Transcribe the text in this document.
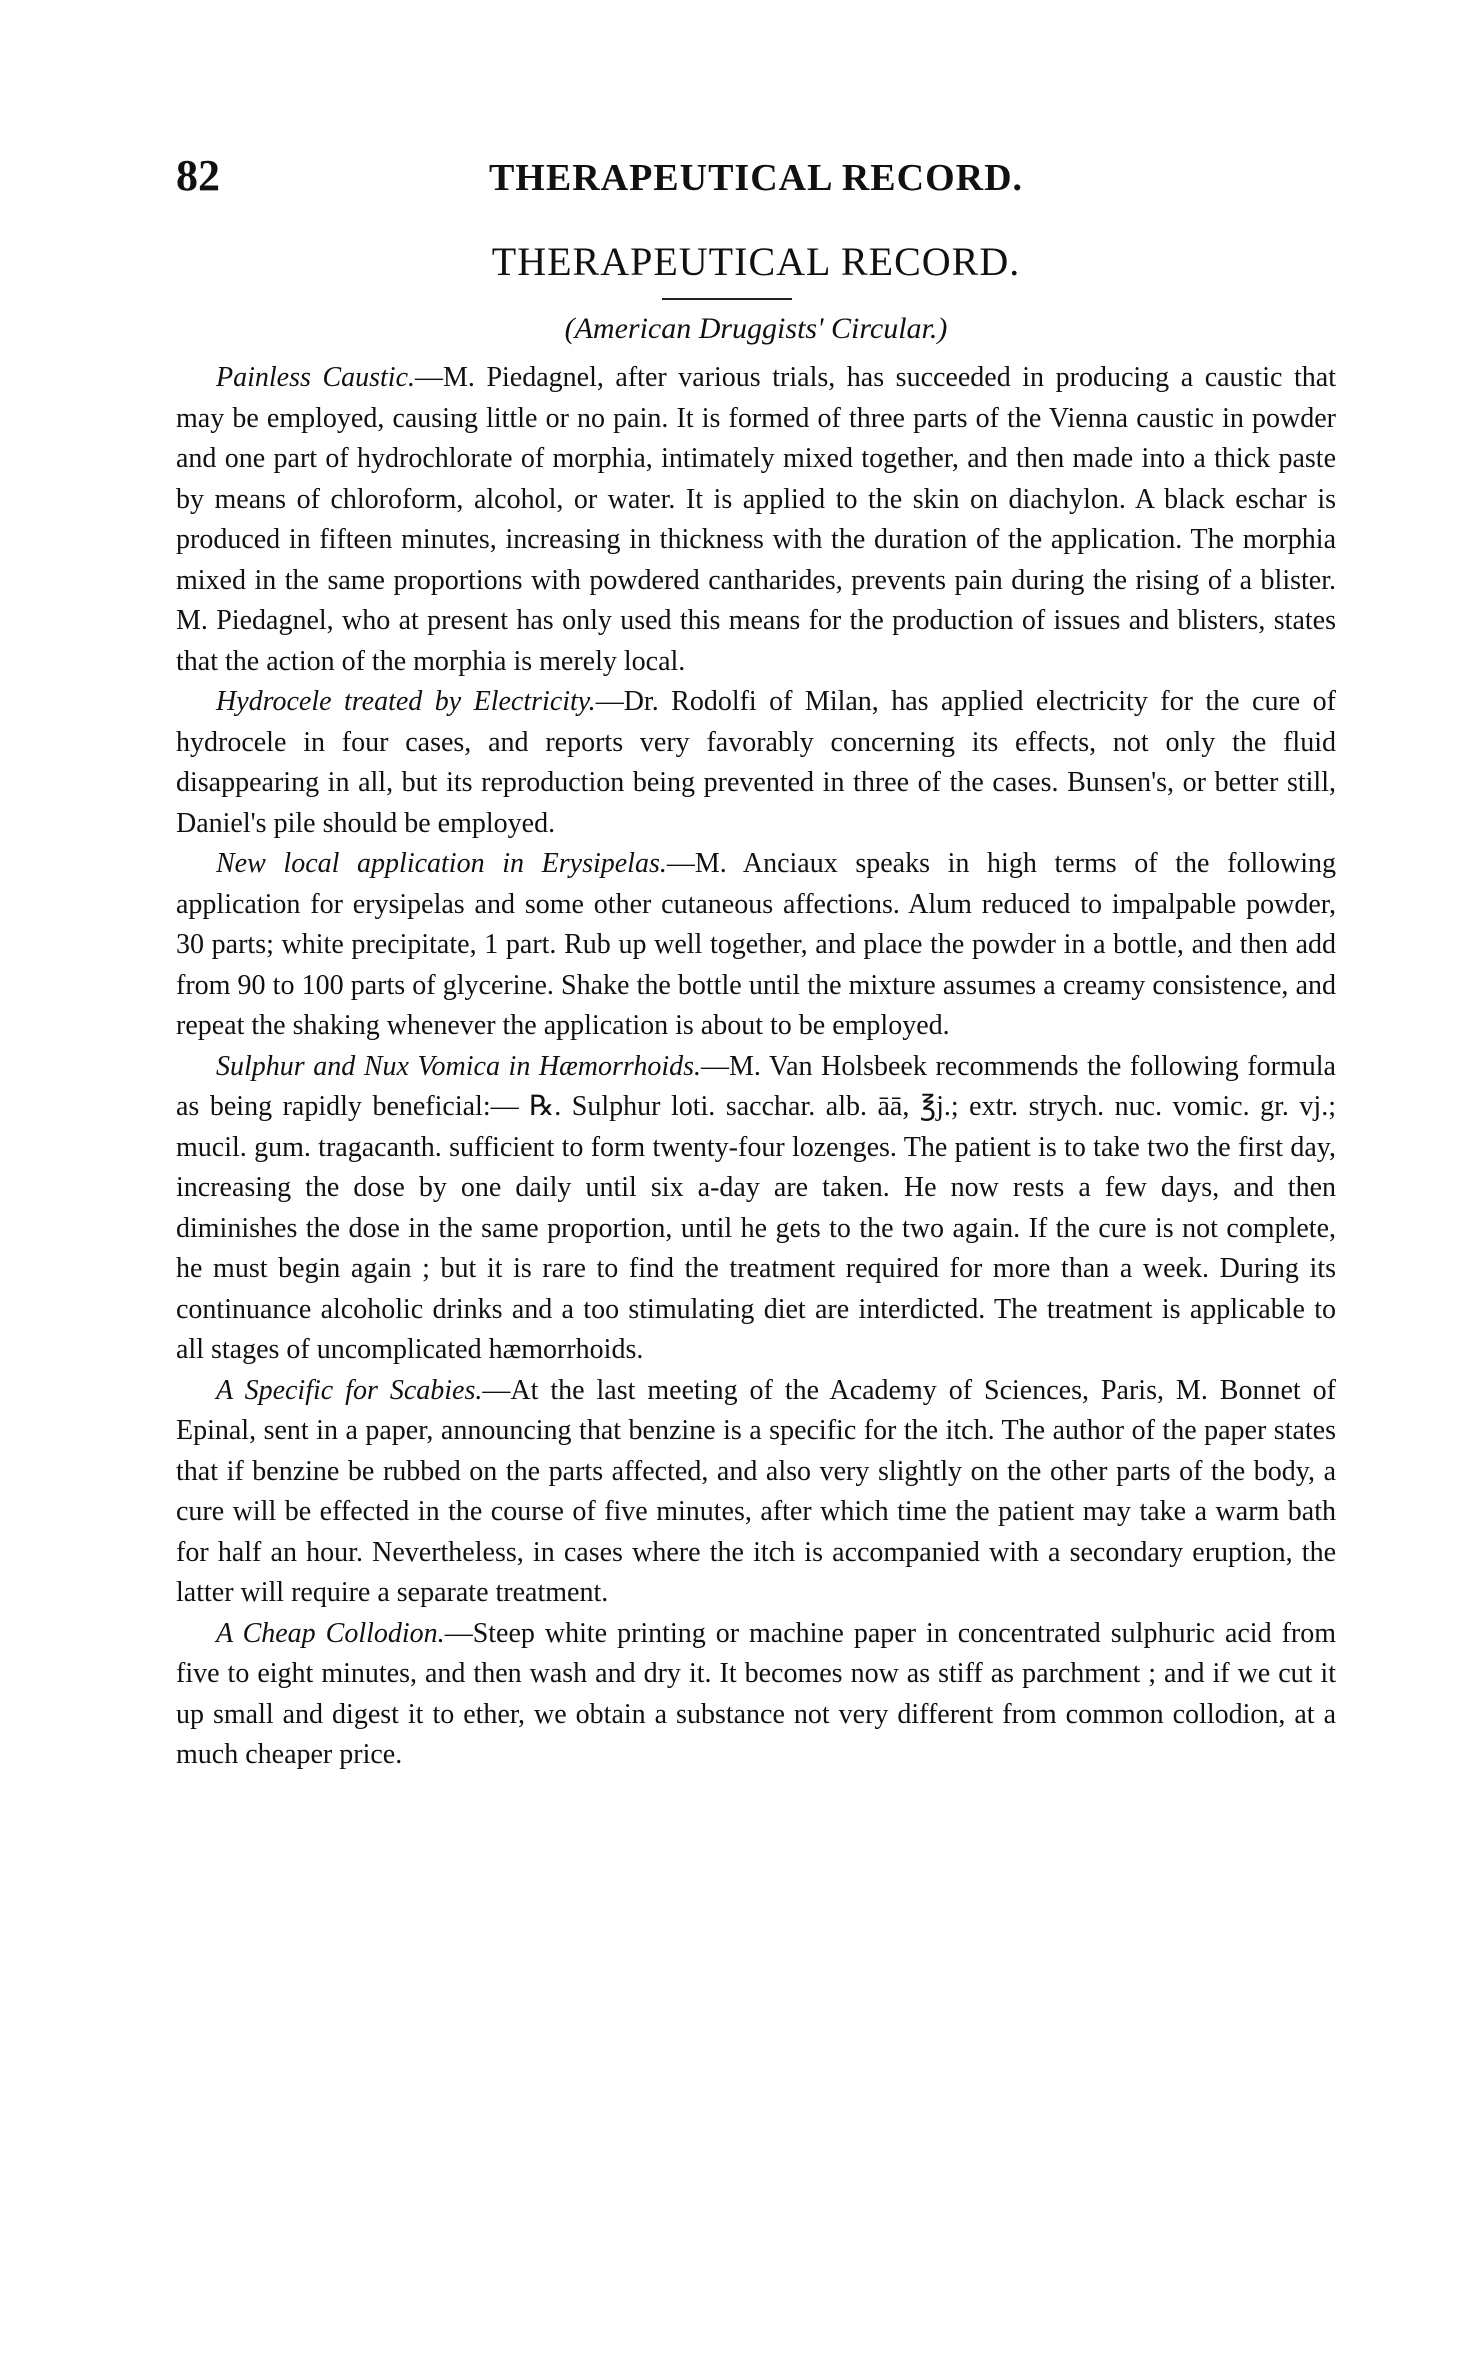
82	THERAPEUTICAL RECORD.
THERAPEUTICAL RECORD.
(American Druggists' Circular.)

Painless Caustic.—M. Piedagnel, after various trials, has succeeded in producing a caustic that may be employed, causing little or no pain. It is formed of three parts of the Vienna caustic in powder and one part of hydrochlorate of morphia, intimately mixed together, and then made into a thick paste by means of chloroform, alcohol, or water. It is applied to the skin on diachylon. A black eschar is produced in fifteen minutes, increasing in thickness with the duration of the application. The morphia mixed in the same proportions with powdered cantharides, prevents pain during the rising of a blister. M. Piedagnel, who at present has only used this means for the production of issues and blisters, states that the action of the morphia is merely local.

Hydrocele treated by Electricity.—Dr. Rodolfi of Milan, has applied electricity for the cure of hydrocele in four cases, and reports very favorably concerning its effects, not only the fluid disappearing in all, but its reproduction being prevented in three of the cases. Bunsen's, or better still, Daniel's pile should be employed.

New local application in Erysipelas.—M. Anciaux speaks in high terms of the following application for erysipelas and some other cutaneous affections. Alum reduced to impalpable powder, 30 parts; white precipitate, 1 part. Rub up well together, and place the powder in a bottle, and then add from 90 to 100 parts of glycerine. Shake the bottle until the mixture assumes a creamy consistence, and repeat the shaking whenever the application is about to be employed.

Sulphur and Nux Vomica in Hæmorrhoids.—M. Van Holsbeek recommends the following formula as being rapidly beneficial:— ℞. Sulphur loti. sacchar. alb. āā, ℥j.; extr. strych. nuc. vomic. gr. vj.; mucil. gum. tragacanth. sufficient to form twenty-four lozenges. The patient is to take two the first day, increasing the dose by one daily until six a-day are taken. He now rests a few days, and then diminishes the dose in the same proportion, until he gets to the two again. If the cure is not complete, he must begin again ; but it is rare to find the treatment required for more than a week. During its continuance alcoholic drinks and a too stimulating diet are interdicted. The treatment is applicable to all stages of uncomplicated hæmorrhoids.

A Specific for Scabies.—At the last meeting of the Academy of Sciences, Paris, M. Bonnet of Epinal, sent in a paper, announcing that benzine is a specific for the itch. The author of the paper states that if benzine be rubbed on the parts affected, and also very slightly on the other parts of the body, a cure will be effected in the course of five minutes, after which time the patient may take a warm bath for half an hour. Nevertheless, in cases where the itch is accompanied with a secondary eruption, the latter will require a separate treatment.

A Cheap Collodion.—Steep white printing or machine paper in concentrated sulphuric acid from five to eight minutes, and then wash and dry it. It becomes now as stiff as parchment ; and if we cut it up small and digest it to ether, we obtain a substance not very different from common collodion, at a much cheaper price.
